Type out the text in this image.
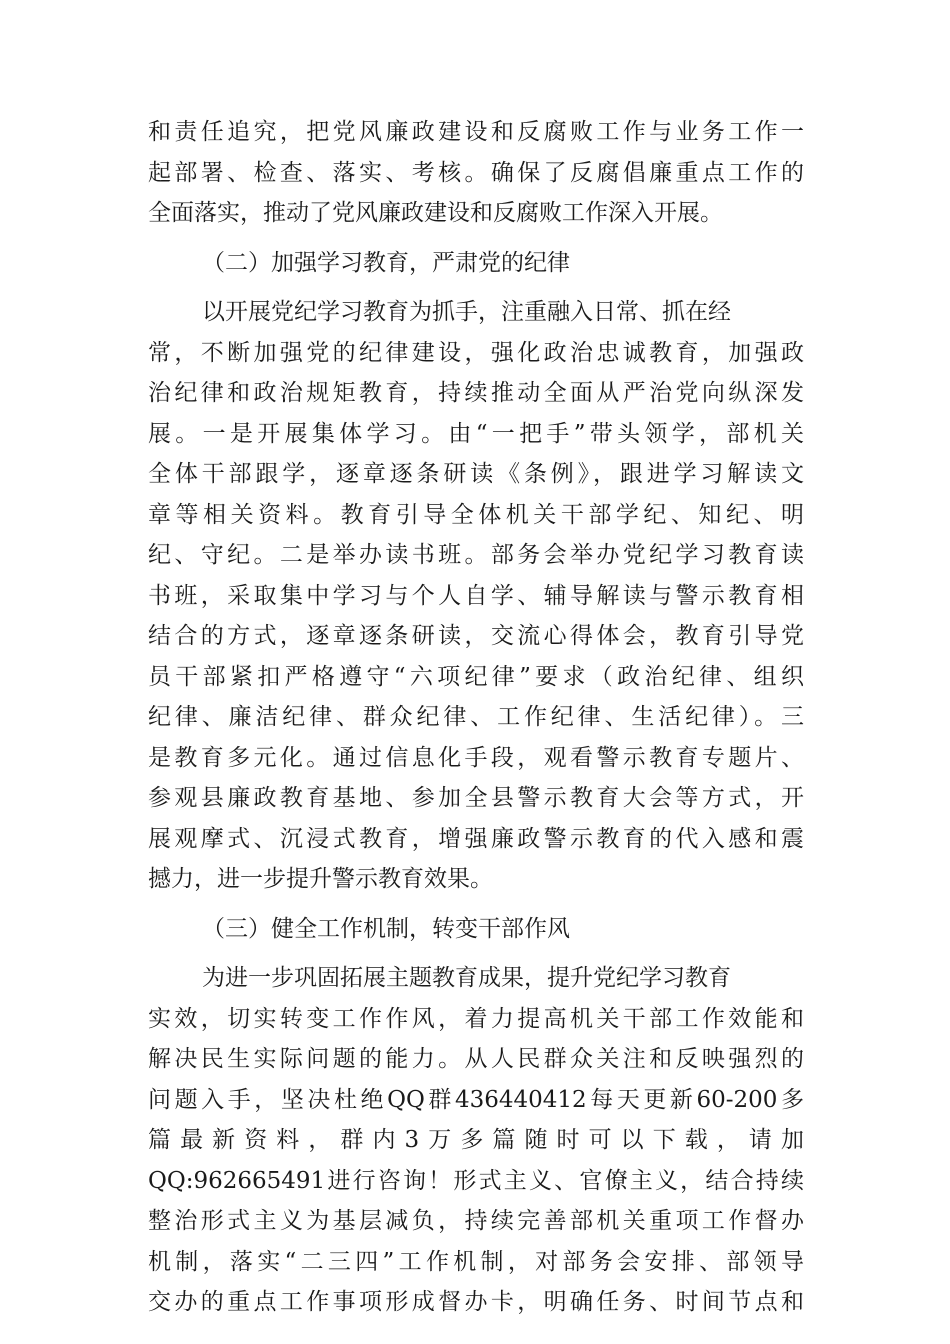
和责任追究，把党风廉政建设和反腐败工作与业务工作一
起部署、检查、落实、考核。确保了反腐倡廉重点工作的
全面落实，推动了党风廉政建设和反腐败工作深入开展。
（二）加强学习教育，严肃党的纪律
以开展党纪学习教育为抓手，注重融入日常、抓在经
常，不断加强党的纪律建设，强化政治忠诚教育，加强政
治纪律和政治规矩教育，持续推动全面从严治党向纵深发
展。一是开展集体学习。由“一把手”带头领学，部机关
全体干部跟学，逐章逐条研读《条例》，跟进学习解读文
章等相关资料。教育引导全体机关干部学纪、知纪、明
纪、守纪。二是举办读书班。部务会举办党纪学习教育读
书班，采取集中学习与个人自学、辅导解读与警示教育相
结合的方式，逐章逐条研读，交流心得体会，教育引导党
员干部紧扣严格遵守“六项纪律”要求（政治纪律、组织
纪律、廉洁纪律、群众纪律、工作纪律、生活纪律）。三
是教育多元化。通过信息化手段，观看警示教育专题片、
参观县廉政教育基地、参加全县警示教育大会等方式，开
展观摩式、沉浸式教育，增强廉政警示教育的代入感和震
撼力，进一步提升警示教育效果。
（三）健全工作机制，转变干部作风
为进一步巩固拓展主题教育成果，提升党纪学习教育
实效，切实转变工作作风，着力提高机关干部工作效能和
解决民生实际问题的能力。从人民群众关注和反映强烈的
问题入手，坚决杜绝QQ群436440412每天更新60-200多
篇最新资料，群内3万多篇随时可以下载，请加
QQ:962665491进行咨询！形式主义、官僚主义，结合持续
整治形式主义为基层减负，持续完善部机关重项工作督办
机制，落实“二三四”工作机制，对部务会安排、部领导
交办的重点工作事项形成督办卡，明确任务、时间节点和
